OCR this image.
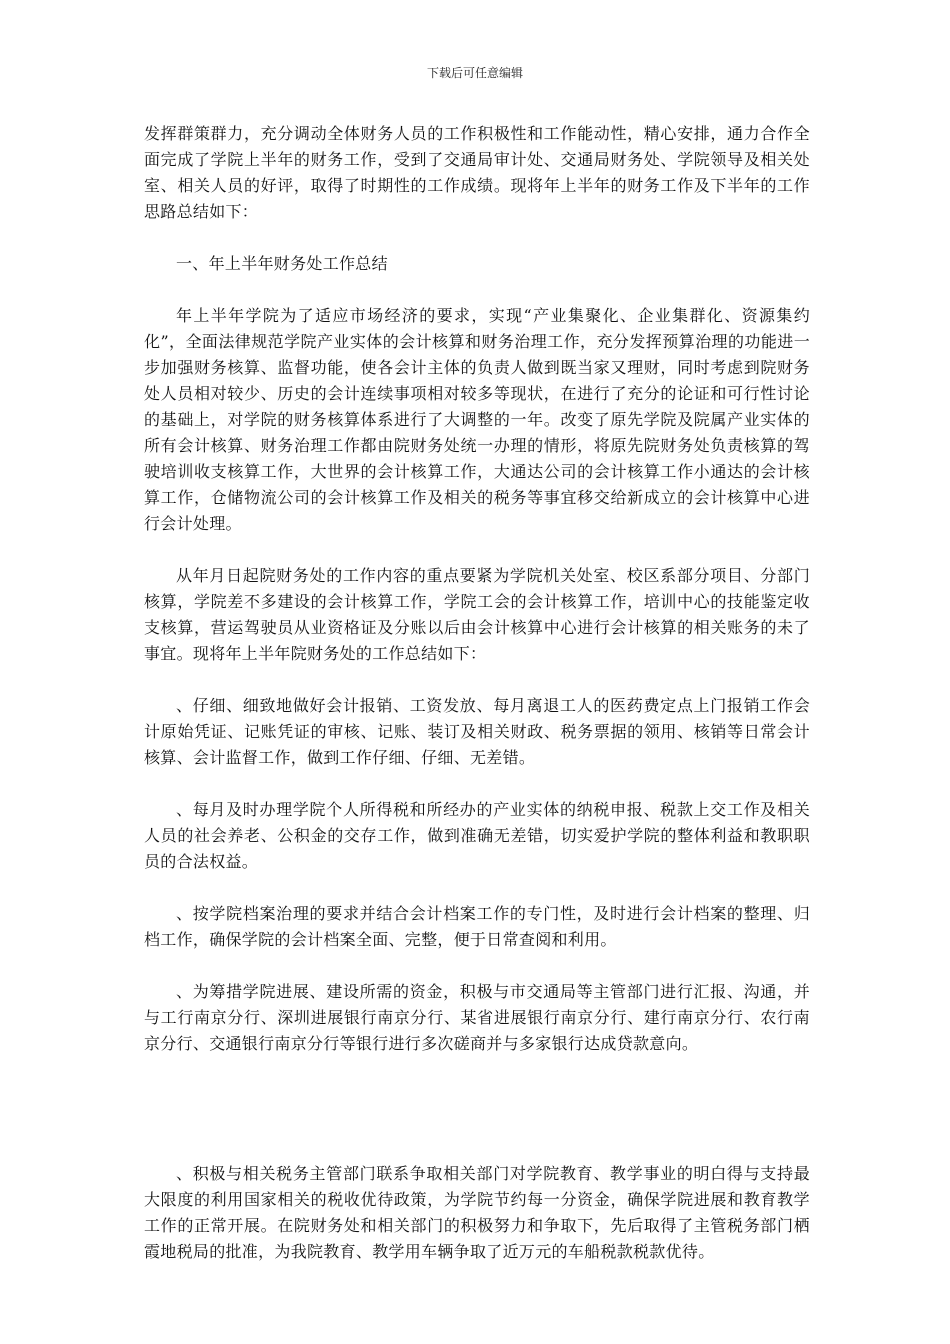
下载后可任意编辑

发挥群策群力，充分调动全体财务人员的工作积极性和工作能动性，精心安排，通力合作全面完成了学院上半年的财务工作，受到了交通局审计处、交通局财务处、学院领导及相关处室、相关人员的好评，取得了时期性的工作成绩。现将年上半年的财务工作及下半年的工作思路总结如下：

一、年上半年财务处工作总结

年上半年学院为了适应市场经济的要求，实现“产业集聚化、企业集群化、资源集约化”，全面法律规范学院产业实体的会计核算和财务治理工作，充分发挥预算治理的功能进一步加强财务核算、监督功能，使各会计主体的负责人做到既当家又理财，同时考虑到院财务处人员相对较少、历史的会计连续事项相对较多等现状，在进行了充分的论证和可行性讨论的基础上，对学院的财务核算体系进行了大调整的一年。改变了原先学院及院属产业实体的所有会计核算、财务治理工作都由院财务处统一办理的情形，将原先院财务处负责核算的驾驶培训收支核算工作，大世界的会计核算工作，大通达公司的会计核算工作小通达的会计核算工作，仓储物流公司的会计核算工作及相关的税务等事宜移交给新成立的会计核算中心进行会计处理。

从年月日起院财务处的工作内容的重点要紧为学院机关处室、校区系部分项目、分部门核算，学院差不多建设的会计核算工作，学院工会的会计核算工作，培训中心的技能鉴定收支核算，营运驾驶员从业资格证及分账以后由会计核算中心进行会计核算的相关账务的未了事宜。现将年上半年院财务处的工作总结如下：

、仔细、细致地做好会计报销、工资发放、每月离退工人的医药费定点上门报销工作会计原始凭证、记账凭证的审核、记账、装订及相关财政、税务票据的领用、核销等日常会计核算、会计监督工作，做到工作仔细、仔细、无差错。

、每月及时办理学院个人所得税和所经办的产业实体的纳税申报、税款上交工作及相关人员的社会养老、公积金的交存工作，做到准确无差错，切实爱护学院的整体利益和教职职员的合法权益。

、按学院档案治理的要求并结合会计档案工作的专门性，及时进行会计档案的整理、归档工作，确保学院的会计档案全面、完整，便于日常查阅和利用。

、为筹措学院进展、建设所需的资金，积极与市交通局等主管部门进行汇报、沟通，并与工行南京分行、深圳进展银行南京分行、某省进展银行南京分行、建行南京分行、农行南京分行、交通银行南京分行等银行进行多次磋商并与多家银行达成贷款意向。

、积极与相关税务主管部门联系争取相关部门对学院教育、教学事业的明白得与支持最大限度的利用国家相关的税收优待政策，为学院节约每一分资金，确保学院进展和教育教学工作的正常开展。在院财务处和相关部门的积极努力和争取下，先后取得了主管税务部门栖霞地税局的批准，为我院教育、教学用车辆争取了近万元的车船税款税款优待。
